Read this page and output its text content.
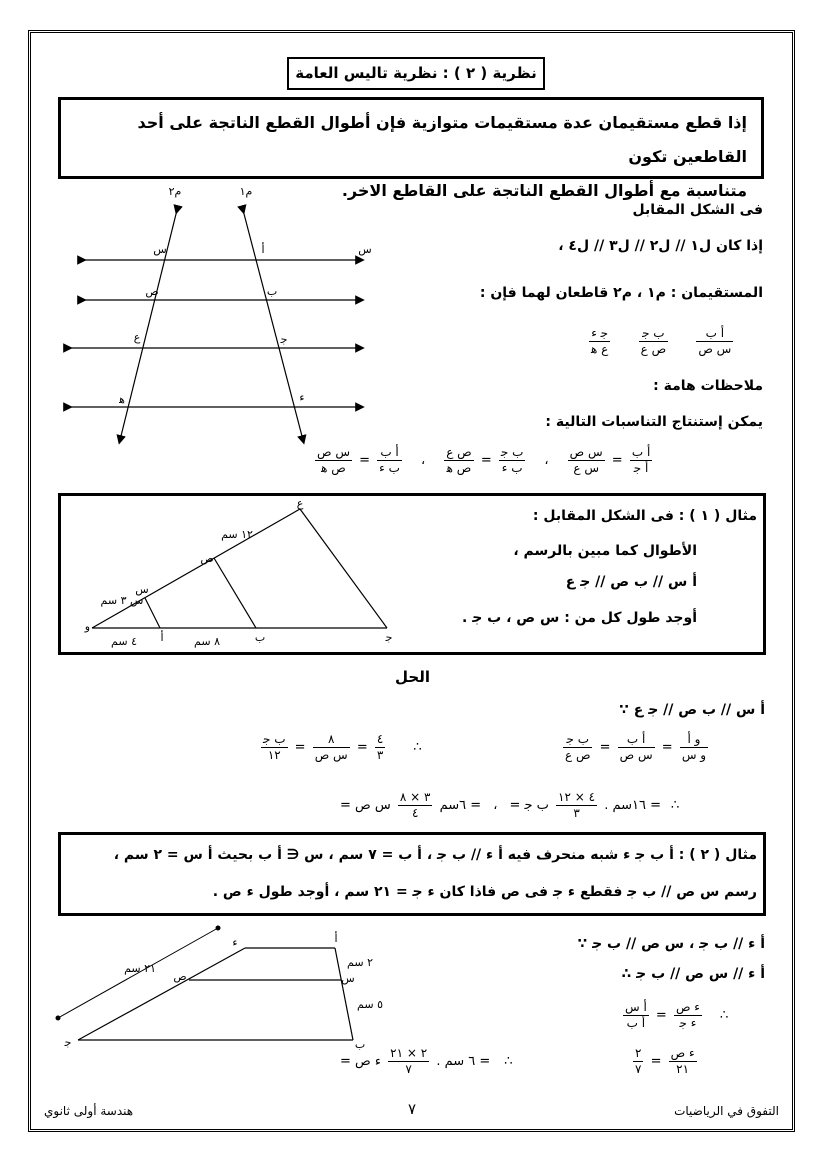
نظرية ( ٢ ) : نظرية تاليس العامة
إذا قطع مستقيمان عدة مستقيمات متوازية فإن أطوال القطع الناتجة على أحد القاطعين تكون
متناسبة مع أطوال القطع الناتجة على القاطع الاخر.
م٢	م١
س	أ	س
ص	ب
ع	ﺟ
ﻫ	ء
فى الشكل المقابل
إذا كان ل١ // ل٢ // ل٣ // ل٤ ،
المستقيمان : م١ ، م٢ قاطعان لهما فإن :
$\frac{\text{ﺟ ء}}{\text{ع ﻫ}}$
$\frac{\text{ب ﺟ}}{\text{ص ع}}$
$\frac{\text{أ ب}}{\text{س ص}}$
ملاحظات هامة :
يمكن إستنتاج التناسبات التالية :
$\frac{\text{س ص}}{\text{ص ﻫ}} = \frac{\text{أ ب}}{\text{ب ء}}$ ، $\frac{\text{ص ع}}{\text{ص ﻫ}} = \frac{\text{ب ﺟ}}{\text{ب ء}}$ ، $\frac{\text{س ص}}{\text{س ع}} = \frac{\text{أ ب}}{\text{أ ﺟ}}$
ع
١٢ سم
ص
س ٣ سم
س
و
أ	ب	ﺟ
٤ سم	٨ سم
مثال ( ١ ) : فى الشكل المقابل :
الأطوال كما مبين بالرسم ،
أ س // ب ص // ﺟ ع
أوجد طول كل من : س ص ، ب ﺟ .
الحل
أ س // ب ص // ﺟ ع ∵
$\frac{\text{ب ﺟ}}{١٢} = \frac{٨}{\text{س ص}} = \frac{٤}{٣}$ ∴	$\frac{\text{ب ﺟ}}{\text{ص ع}} = \frac{\text{أ ب}}{\text{س ص}} = \frac{\text{و أ}}{\text{و س}}$
= ١٦سم .
$\frac{٤ \times ١٢}{٣}$
ب ﺟ = ، = ٦سم
$\frac{٣ \times ٨}{٤}$
س ص = ∴
مثال ( ٢ ) : أ ب ﺟ ء شبه منحرف فيه أ ء // ب ﺟ ، أ ب = ٧ سم ، س ∈ أ ب بحيث أ س = ٢ سم ،
رسم س ص // ب ﺟ فقطع ء ﺟ فى ص فاذا كان ء ﺟ = ٢١ سم ، أوجد طول ء ص .
ء	أ
ص	س
ﺟ	ب
٢١ سم	٢ سم
٥ سم
أ ء // ب ﺟ ، س ص // ب ﺟ ∵
أ ء // س ص // ب ﺟ ∴
$\frac{\text{أ س}}{\text{أ ب}} = \frac{\text{ء ص}}{\text{ء ﺟ}}$ ∴
= ٦ سم .
$\frac{٢ \times ٢١}{٧}$
ء ص = ∴	$\frac{٢}{٧} = \frac{\text{ء ص}}{٢١}$
التفوق في الرياضيات
٧
هندسة أولى ثانوي
